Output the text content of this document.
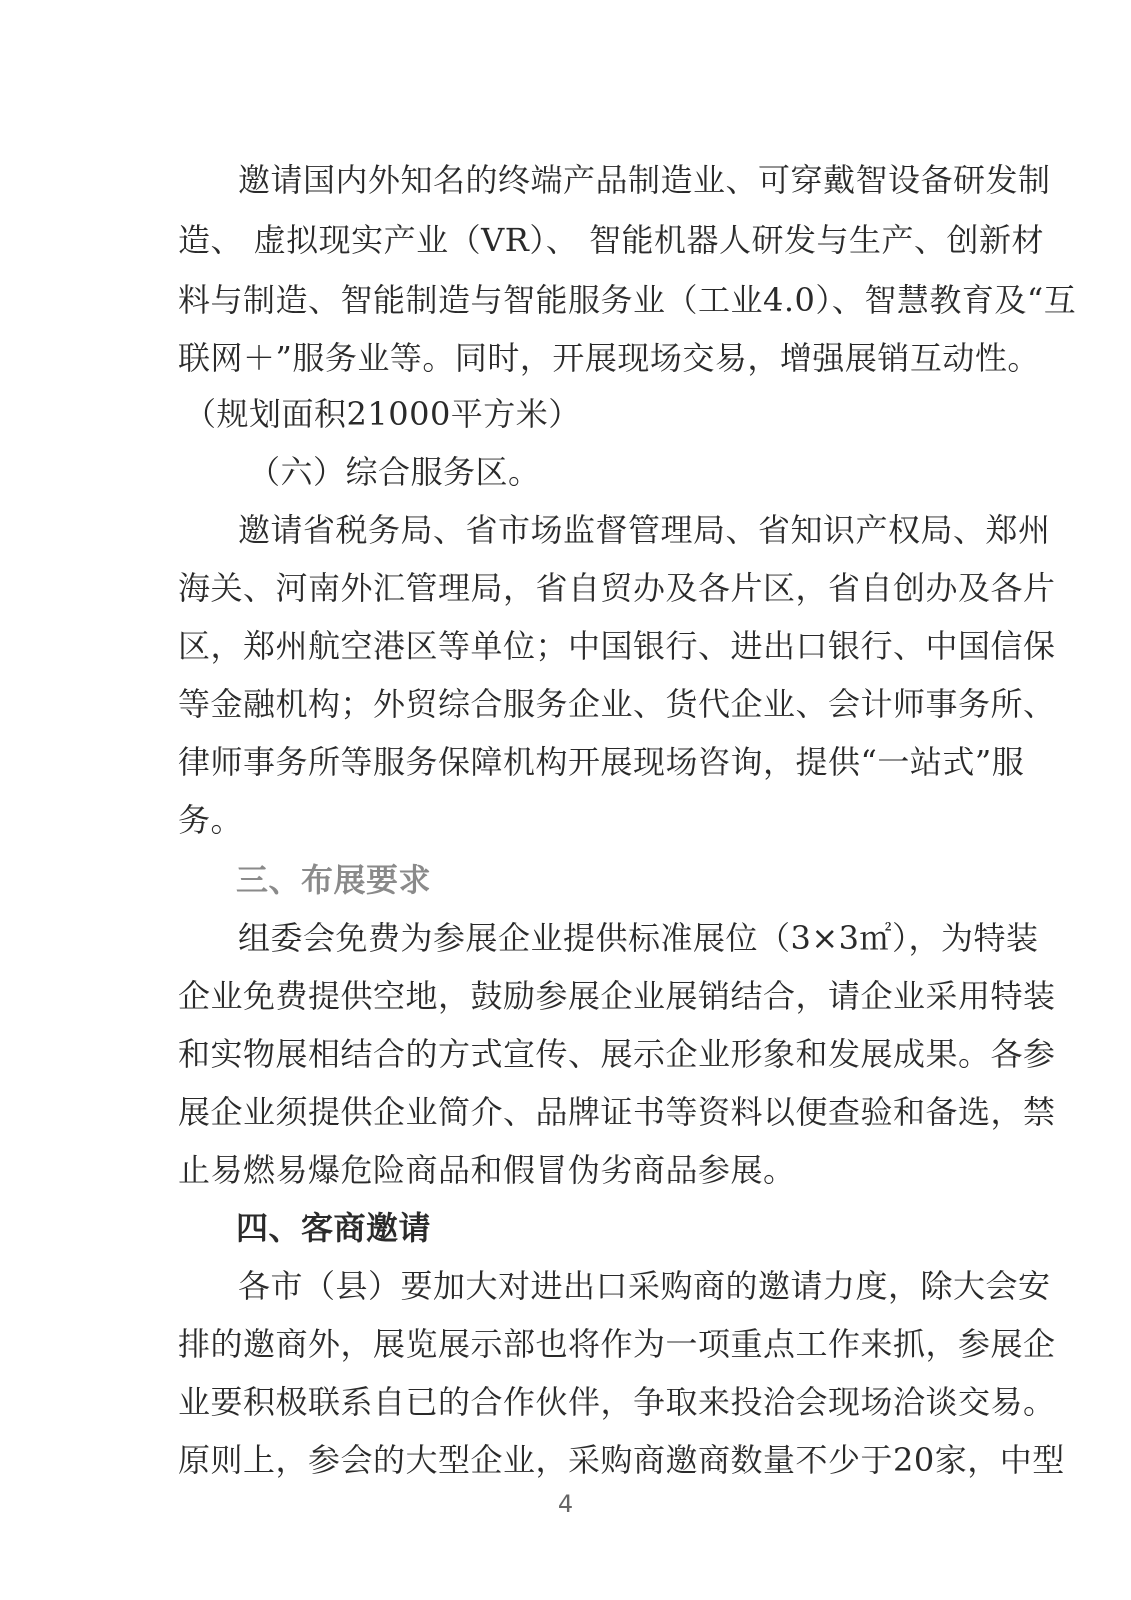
邀请国内外知名的终端产品制造业、可穿戴智设备研发制
造、 虚拟现实产业（VR）、 智能机器人研发与生产、创新材
料与制造、智能制造与智能服务业（工业4.0）、智慧教育及“互
联网＋”服务业等。同时，开展现场交易，增强展销互动性。
（规划面积21000平方米）
（六）综合服务区。
邀请省税务局、省市场监督管理局、省知识产权局、郑州
海关、河南外汇管理局，省自贸办及各片区，省自创办及各片
区，郑州航空港区等单位；中国银行、进出口银行、中国信保
等金融机构；外贸综合服务企业、货代企业、会计师事务所、
律师事务所等服务保障机构开展现场咨询，提供“一站式”服
务。
三、布展要求
组委会免费为参展企业提供标准展位（3×3㎡），为特装
企业免费提供空地，鼓励参展企业展销结合，请企业采用特装
和实物展相结合的方式宣传、展示企业形象和发展成果。各参
展企业须提供企业简介、品牌证书等资料以便查验和备选，禁
止易燃易爆危险商品和假冒伪劣商品参展。
四、客商邀请
各市（县）要加大对进出口采购商的邀请力度，除大会安
排的邀商外，展览展示部也将作为一项重点工作来抓，参展企
业要积极联系自已的合作伙伴，争取来投洽会现场洽谈交易。
原则上，参会的大型企业，采购商邀商数量不少于20家，中型
4
